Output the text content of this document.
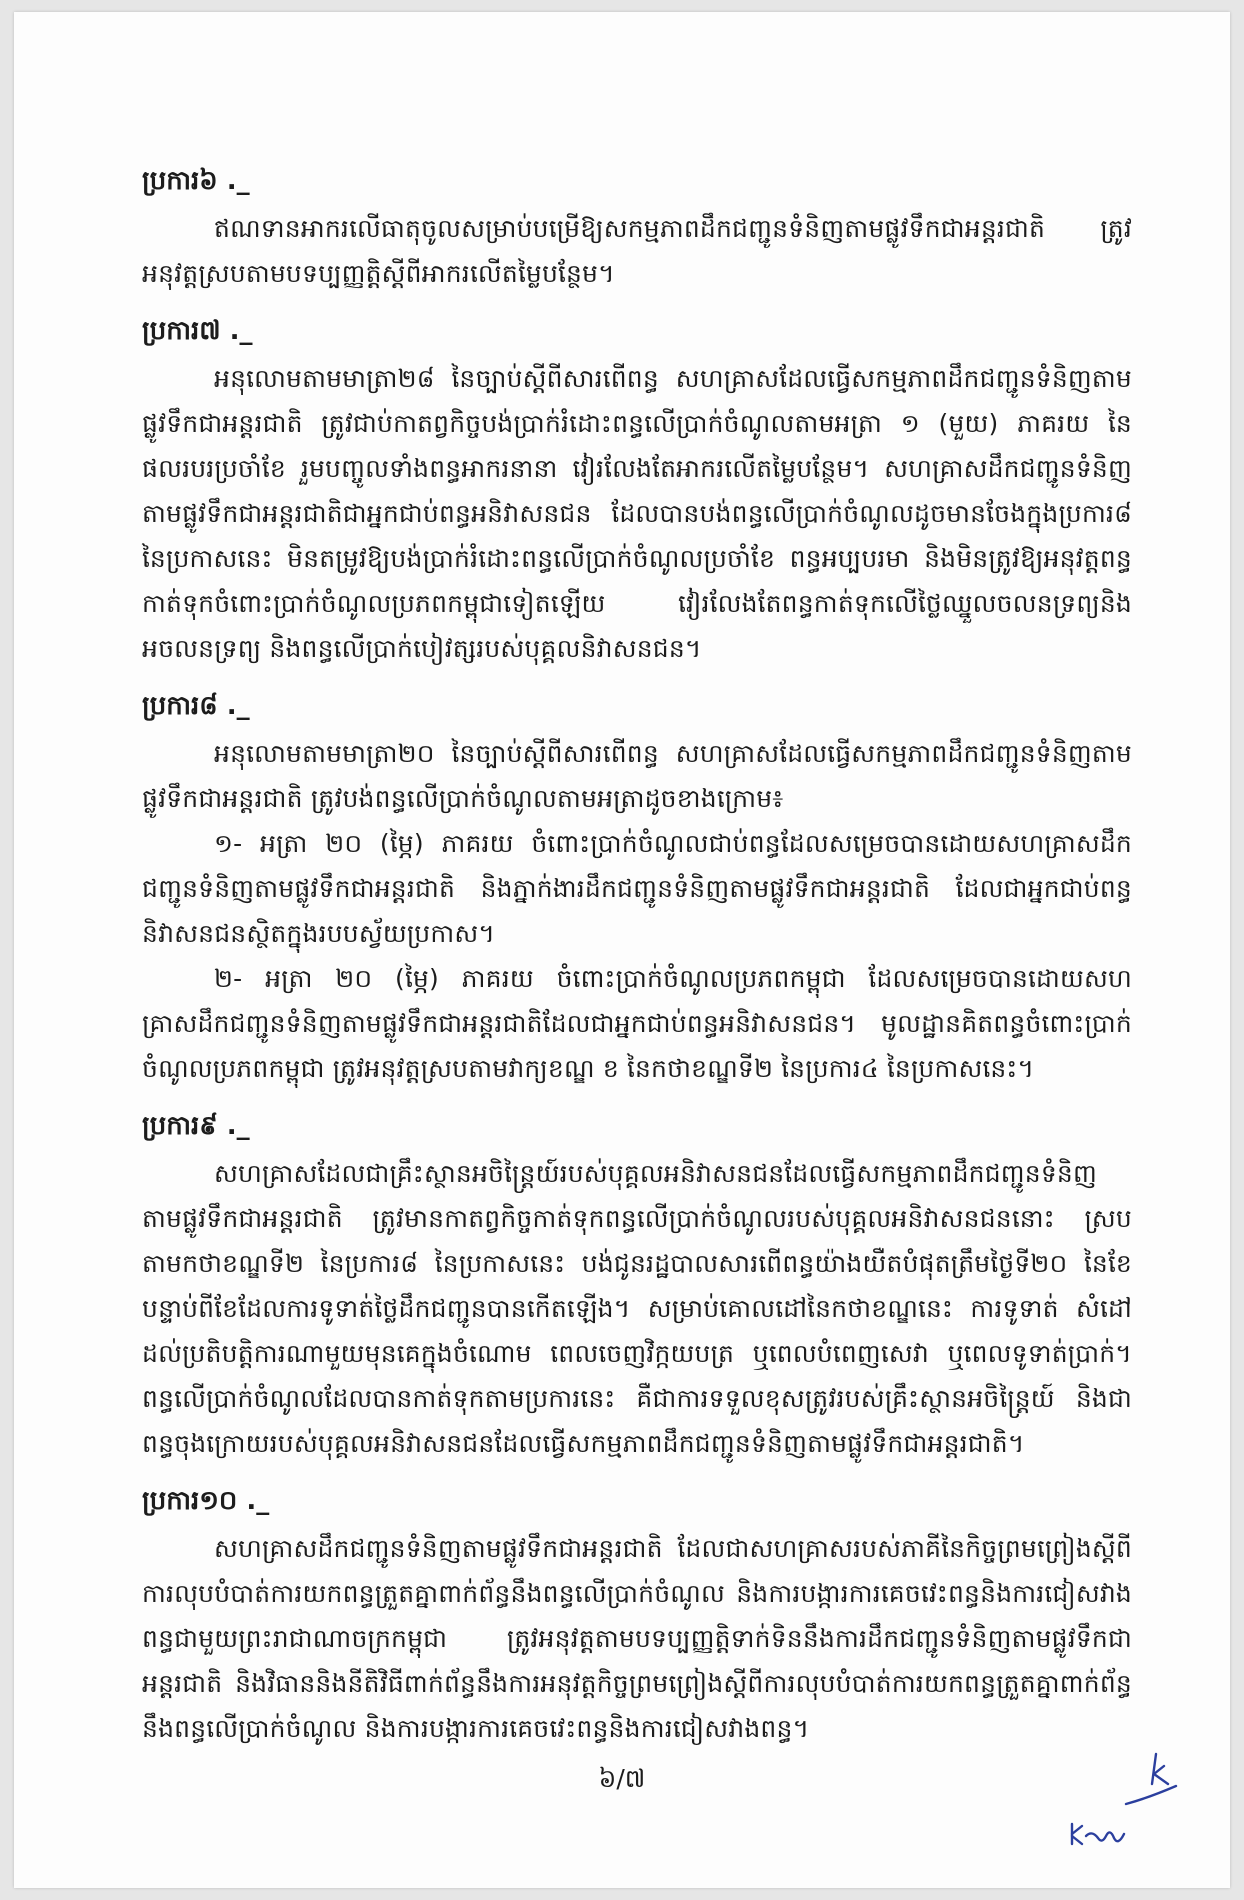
ប្រការ៦ ._

ឥណទានអាករលើធាតុចូលសម្រាប់បម្រើឱ្យសកម្មភាពដឹកជញ្ជូនទំនិញតាមផ្លូវទឹកជាអន្តរជាតិ ត្រូវអនុវត្តស្របតាមបទប្បញ្ញត្តិស្តីពីអាករលើតម្លៃបន្ថែម។

ប្រការ៧ ._

អនុលោមតាមមាត្រា២៨ នៃច្បាប់ស្តីពីសារពើពន្ធ សហគ្រាសដែលធ្វើសកម្មភាពដឹកជញ្ជូនទំនិញតាមផ្លូវទឹកជាអន្តរជាតិ ត្រូវជាប់កាតព្វកិច្ចបង់ប្រាក់រំដោះពន្ធលើប្រាក់ចំណូលតាមអត្រា ១ (មួយ) ភាគរយ នៃផលរបរប្រចាំខែ រួមបញ្ចូលទាំងពន្ធអាករនានា វៀរលែងតែអាករលើតម្លៃបន្ថែម។ សហគ្រាសដឹកជញ្ជូនទំនិញតាមផ្លូវទឹកជាអន្តរជាតិជាអ្នកជាប់ពន្ធអនិវាសនជន ដែលបានបង់ពន្ធលើប្រាក់ចំណូលដូចមានចែងក្នុងប្រការ៨ នៃប្រកាសនេះ មិនតម្រូវឱ្យបង់ប្រាក់រំដោះពន្ធលើប្រាក់ចំណូលប្រចាំខែ ពន្ធអប្បបរមា និងមិនត្រូវឱ្យអនុវត្តពន្ធកាត់ទុកចំពោះប្រាក់ចំណូលប្រភពកម្ពុជាទៀតឡើយ វៀរលែងតែពន្ធកាត់ទុកលើថ្លៃឈ្នួលចលនទ្រព្យនិងអចលនទ្រព្យ និងពន្ធលើប្រាក់បៀវត្សរបស់បុគ្គលនិវាសនជន។

ប្រការ៨ ._

អនុលោមតាមមាត្រា២០ នៃច្បាប់ស្តីពីសារពើពន្ធ សហគ្រាសដែលធ្វើសកម្មភាពដឹកជញ្ជូនទំនិញតាមផ្លូវទឹកជាអន្តរជាតិ ត្រូវបង់ពន្ធលើប្រាក់ចំណូលតាមអត្រាដូចខាងក្រោម៖

១- អត្រា ២០ (ម្ភៃ) ភាគរយ ចំពោះប្រាក់ចំណូលជាប់ពន្ធដែលសម្រេចបានដោយសហគ្រាសដឹកជញ្ជូនទំនិញតាមផ្លូវទឹកជាអន្តរជាតិ និងភ្នាក់ងារដឹកជញ្ជូនទំនិញតាមផ្លូវទឹកជាអន្តរជាតិ ដែលជាអ្នកជាប់ពន្ធនិវាសនជនស្ថិតក្នុងរបបស្វ័យប្រកាស។

២- អត្រា ២០ (ម្ភៃ) ភាគរយ ចំពោះប្រាក់ចំណូលប្រភពកម្ពុជា ដែលសម្រេចបានដោយសហគ្រាសដឹកជញ្ជូនទំនិញតាមផ្លូវទឹកជាអន្តរជាតិដែលជាអ្នកជាប់ពន្ធអនិវាសនជន។ មូលដ្ឋានគិតពន្ធចំពោះប្រាក់ចំណូលប្រភពកម្ពុជា ត្រូវអនុវត្តស្របតាមវាក្យខណ្ឌ ខ នៃកថាខណ្ឌទី២ នៃប្រការ៤ នៃប្រកាសនេះ។

ប្រការ៩ ._

សហគ្រាសដែលជាគ្រឹះស្ថានអចិន្ត្រៃយ៍របស់បុគ្គលអនិវាសនជនដែលធ្វើសកម្មភាពដឹកជញ្ជូនទំនិញតាមផ្លូវទឹកជាអន្តរជាតិ ត្រូវមានកាតព្វកិច្ចកាត់ទុកពន្ធលើប្រាក់ចំណូលរបស់បុគ្គលអនិវាសនជននោះ ស្របតាមកថាខណ្ឌទី២ នៃប្រការ៨ នៃប្រកាសនេះ បង់ជូនរដ្ឋបាលសារពើពន្ធយ៉ាងយឺតបំផុតត្រឹមថ្ងៃទី២០ នៃខែបន្ទាប់ពីខែដែលការទូទាត់ថ្លៃដឹកជញ្ជូនបានកើតឡើង។ សម្រាប់គោលដៅនៃកថាខណ្ឌនេះ ការទូទាត់ សំដៅដល់ប្រតិបត្តិការណាមួយមុនគេក្នុងចំណោម ពេលចេញវិក្កយបត្រ ឬពេលបំពេញសេវា ឬពេលទូទាត់ប្រាក់។ ពន្ធលើប្រាក់ចំណូលដែលបានកាត់ទុកតាមប្រការនេះ គឺជាការទទួលខុសត្រូវរបស់គ្រឹះស្ថានអចិន្ត្រៃយ៍ និងជាពន្ធចុងក្រោយរបស់បុគ្គលអនិវាសនជនដែលធ្វើសកម្មភាពដឹកជញ្ជូនទំនិញតាមផ្លូវទឹកជាអន្តរជាតិ។

ប្រការ១០ ._

សហគ្រាសដឹកជញ្ជូនទំនិញតាមផ្លូវទឹកជាអន្តរជាតិ ដែលជាសហគ្រាសរបស់ភាគីនៃកិច្ចព្រមព្រៀងស្តីពីការលុបបំបាត់ការយកពន្ធត្រួតគ្នាពាក់ព័ន្ធនឹងពន្ធលើប្រាក់ចំណូល និងការបង្ការការគេចវេះពន្ធនិងការជៀសវាងពន្ធជាមួយព្រះរាជាណាចក្រកម្ពុជា ត្រូវអនុវត្តតាមបទប្បញ្ញត្តិទាក់ទិននឹងការដឹកជញ្ជូនទំនិញតាមផ្លូវទឹកជាអន្តរជាតិ និងវិធាននិងនីតិវិធីពាក់ព័ន្ធនឹងការអនុវត្តកិច្ចព្រមព្រៀងស្តីពីការលុបបំបាត់ការយកពន្ធត្រួតគ្នាពាក់ព័ន្ធនឹងពន្ធលើប្រាក់ចំណូល និងការបង្ការការគេចវេះពន្ធនិងការជៀសវាងពន្ធ។

៦/៧
